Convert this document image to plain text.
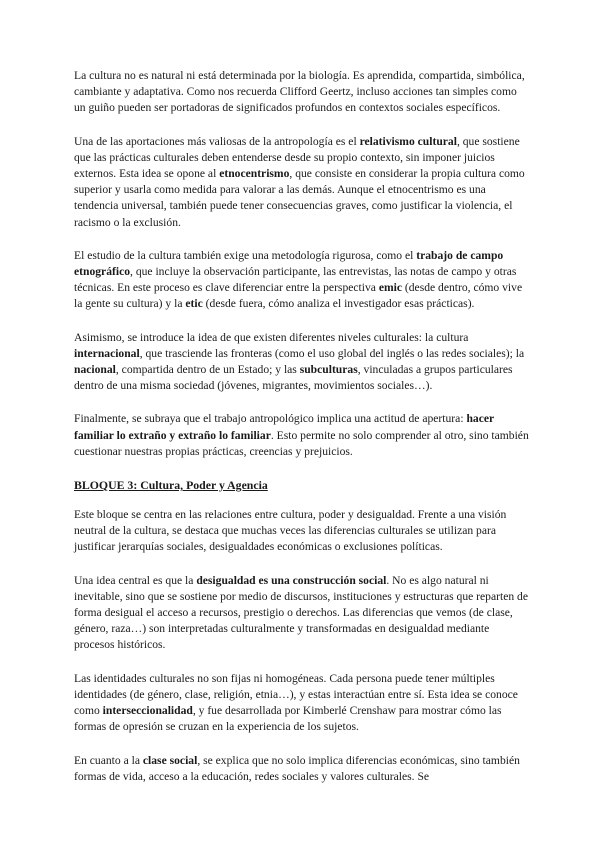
La cultura no es natural ni está determinada por la biología. Es aprendida, compartida, simbólica, cambiante y adaptativa. Como nos recuerda Clifford Geertz, incluso acciones tan simples como un guiño pueden ser portadoras de significados profundos en contextos sociales específicos.

Una de las aportaciones más valiosas de la antropología es el relativismo cultural, que sostiene que las prácticas culturales deben entenderse desde su propio contexto, sin imponer juicios externos. Esta idea se opone al etnocentrismo, que consiste en considerar la propia cultura como superior y usarla como medida para valorar a las demás. Aunque el etnocentrismo es una tendencia universal, también puede tener consecuencias graves, como justificar la violencia, el racismo o la exclusión.

El estudio de la cultura también exige una metodología rigurosa, como el trabajo de campo etnográfico, que incluye la observación participante, las entrevistas, las notas de campo y otras técnicas. En este proceso es clave diferenciar entre la perspectiva emic (desde dentro, cómo vive la gente su cultura) y la etic (desde fuera, cómo analiza el investigador esas prácticas).

Asimismo, se introduce la idea de que existen diferentes niveles culturales: la cultura internacional, que trasciende las fronteras (como el uso global del inglés o las redes sociales); la nacional, compartida dentro de un Estado; y las subculturas, vinculadas a grupos particulares dentro de una misma sociedad (jóvenes, migrantes, movimientos sociales…).

Finalmente, se subraya que el trabajo antropológico implica una actitud de apertura: hacer familiar lo extraño y extraño lo familiar. Esto permite no solo comprender al otro, sino también cuestionar nuestras propias prácticas, creencias y prejuicios.

BLOQUE 3: Cultura, Poder y Agencia

Este bloque se centra en las relaciones entre cultura, poder y desigualdad. Frente a una visión neutral de la cultura, se destaca que muchas veces las diferencias culturales se utilizan para justificar jerarquías sociales, desigualdades económicas o exclusiones políticas.

Una idea central es que la desigualdad es una construcción social. No es algo natural ni inevitable, sino que se sostiene por medio de discursos, instituciones y estructuras que reparten de forma desigual el acceso a recursos, prestigio o derechos. Las diferencias que vemos (de clase, género, raza…) son interpretadas culturalmente y transformadas en desigualdad mediante procesos históricos.

Las identidades culturales no son fijas ni homogéneas. Cada persona puede tener múltiples identidades (de género, clase, religión, etnia…), y estas interactúan entre sí. Esta idea se conoce como interseccionalidad, y fue desarrollada por Kimberlé Crenshaw para mostrar cómo las formas de opresión se cruzan en la experiencia de los sujetos.

En cuanto a la clase social, se explica que no solo implica diferencias económicas, sino también formas de vida, acceso a la educación, redes sociales y valores culturales. Se
